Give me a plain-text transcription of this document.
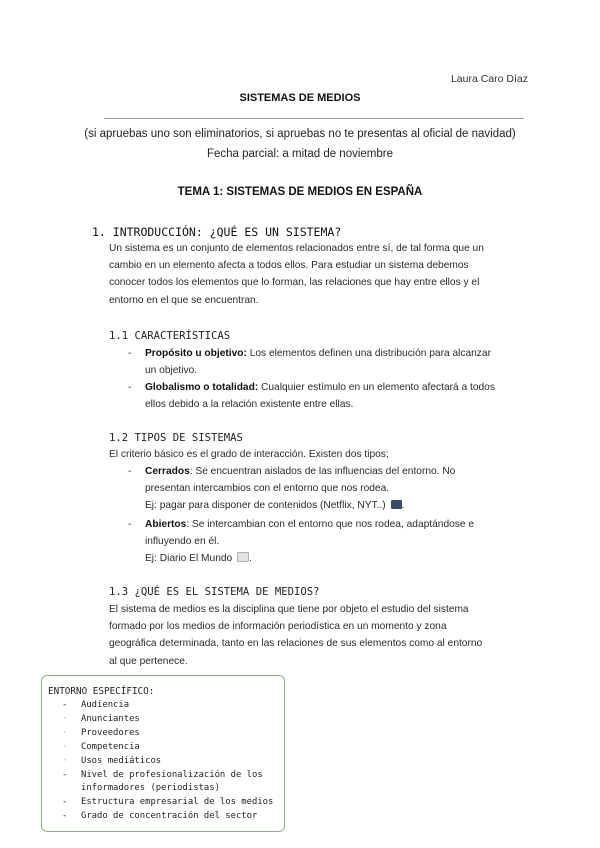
Laura Caro Díaz
SISTEMAS DE MEDIOS
(si apruebas uno son eliminatorios, si apruebas no te presentas al oficial de navidad)
Fecha parcial: a mitad de noviembre
TEMA 1: SISTEMAS DE MEDIOS EN ESPAÑA
1. INTRODUCCIÓN: ¿QUÉ ES UN SISTEMA?
Un sistema es un conjunto de elementos relacionados entre sí, de tal forma que un
cambio en un elemento afecta a todos ellos. Para estudiar un sistema debemos
conocer todos los elementos que lo forman, las relaciones que hay entre ellos y el
entorno en el que se encuentran.
1.1 CARACTERÍSTICAS
- Propósito u objetivo: Los elementos definen una distribución para alcanzar
un objetivo.
- Globalismo o totalidad: Cualquier estímulo en un elemento afectará a todos
ellos debido a la relación existente entre ellas.
1.2 TIPOS DE SISTEMAS
El criterio básico es el grado de interacción. Existen dos tipos;
- Cerrados: Se encuentran aislados de las influencias del entorno. No
presentan intercambios con el entorno que nos rodea.
Ej: pagar para disponer de contenidos (Netflix, NYT..) .
- Abiertos: Se intercambian con el entorno que nos rodea, adaptándose e
influyendo en él.
Ej: Diario El Mundo .
1.3 ¿QUÉ ES EL SISTEMA DE MEDIOS?
El sistema de medios es la disciplina que tiene por objeto el estudio del sistema
formado por los medios de información periodística en un momento y zona
geográfica determinada, tanto en las relaciones de sus elementos como al entorno
al que pertenece.
ENTORNO ESPECÍFICO:
- Audiencia
· Anunciantes
· Proveedores
· Competencia
· Usos mediáticos
- Nivel de profesionalización de los
informadores (periodistas)
- Estructura empresarial de los medios
- Grado de concentración del sector
